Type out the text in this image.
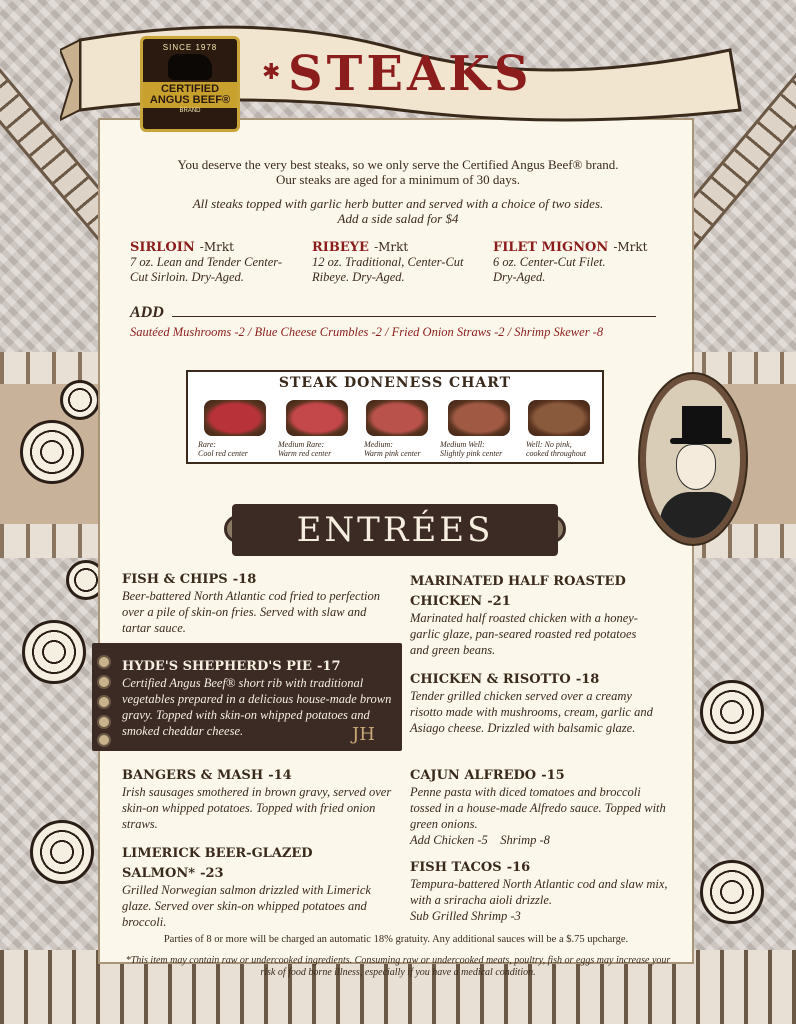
SINCE 1978
CERTIFIED
ANGUS BEEF®
BRAND
✱ STEAKS
You deserve the very best steaks, so we only serve the Certified Angus Beef® brand.
Our steaks are aged for a minimum of 30 days.
All steaks topped with garlic herb butter and served with a choice of two sides.
Add a side salad for $4
SIRLOIN -Mrkt
7 oz. Lean and Tender Center-
Cut Sirloin. Dry-Aged.
RIBEYE -Mrkt
12 oz. Traditional, Center-Cut
Ribeye. Dry-Aged.
FILET MIGNON -Mrkt
6 oz. Center-Cut Filet.
Dry-Aged.
ADD
Sautéed Mushrooms -2 / Blue Cheese Crumbles -2 / Fried Onion Straws -2 / Shrimp Skewer -8
STEAK DONENESS CHART
Rare:
Cool red center
Medium Rare:
Warm red center
Medium:
Warm pink center
Medium Well:
Slightly pink center
Well: No pink,
cooked throughout
ENTRÉES
FISH & CHIPS -18
Beer-battered North Atlantic cod fried to perfection over a pile of skin-on fries. Served with slaw and tartar sauce.
HYDE'S SHEPHERD'S PIE -17
Certified Angus Beef® short rib with traditional vegetables prepared in a delicious house-made brown gravy. Topped with skin-on whipped potatoes and smoked cheddar cheese.	JH
BANGERS & MASH -14
Irish sausages smothered in brown gravy, served over skin-on whipped potatoes. Topped with fried onion straws.
LIMERICK BEER-GLAZED SALMON* -23
Grilled Norwegian salmon drizzled with Limerick glaze. Served over skin-on whipped potatoes and broccoli.
MARINATED HALF ROASTED CHICKEN -21
Marinated half roasted chicken with a honey-garlic glaze, pan-seared roasted red potatoes and green beans.
CHICKEN & RISOTTO -18
Tender grilled chicken served over a creamy risotto made with mushrooms, cream, garlic and Asiago cheese. Drizzled with balsamic glaze.
CAJUN ALFREDO -15
Penne pasta with diced tomatoes and broccoli tossed in a house-made Alfredo sauce. Topped with green onions.
Add Chicken -5    Shrimp -8
FISH TACOS -16
Tempura-battered North Atlantic cod and slaw mix, with a sriracha aioli drizzle.
Sub Grilled Shrimp -3
Parties of 8 or more will be charged an automatic 18% gratuity. Any additional sauces will be a $.75 upcharge.
*This item may contain raw or undercooked ingredients. Consuming raw or undercooked meats, poultry, fish or eggs may increase your risk of food borne illness, especially if you have a medical condition.
